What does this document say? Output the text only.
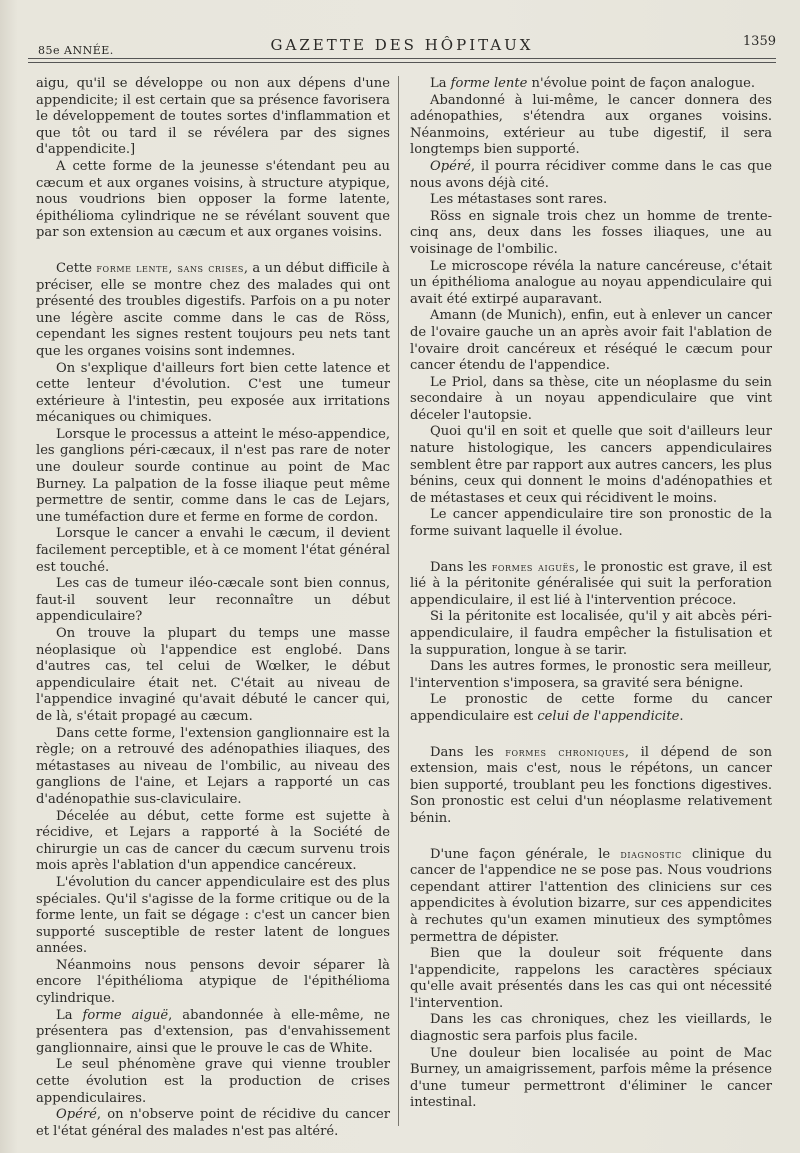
85e ANNÉE.	GAZETTE DES HÔPITAUX	1359

aigu, qu'il se développe ou non aux dépens d'une appendicite; il est certain que sa présence favorisera le développement de toutes sortes d'inflammation et que tôt ou tard il se révélera par des signes d'appendicite.]

A cette forme de la jeunesse s'étendant peu au cæcum et aux organes voisins, à structure atypique, nous voudrions bien opposer la forme latente, épithélioma cylindrique ne se révélant souvent que par son extension au cæcum et aux organes voisins.

Cette forme lente, sans crises, a un début difficile à préciser, elle se montre chez des malades qui ont présenté des troubles digestifs. Parfois on a pu noter une légère ascite comme dans le cas de Röss, cependant les signes restent toujours peu nets tant que les organes voisins sont indemnes.

On s'explique d'ailleurs fort bien cette latence et cette lenteur d'évolution. C'est une tumeur extérieure à l'intestin, peu exposée aux irritations mécaniques ou chimiques.

Lorsque le processus a atteint le méso-appendice, les ganglions péri-cæcaux, il n'est pas rare de noter une douleur sourde continue au point de Mac Burney. La palpation de la fosse iliaque peut même permettre de sentir, comme dans le cas de Lejars, une tuméfaction dure et ferme en forme de cordon.

Lorsque le cancer a envahi le cæcum, il devient facilement perceptible, et à ce moment l'état général est touché.

Les cas de tumeur iléo-cæcale sont bien connus, faut-il souvent leur reconnaître un début appendiculaire?

On trouve la plupart du temps une masse néoplasique où l'appendice est englobé. Dans d'autres cas, tel celui de Wœlker, le début appendiculaire était net. C'était au niveau de l'appendice invaginé qu'avait débuté le cancer qui, de là, s'était propagé au cæcum.

Dans cette forme, l'extension ganglionnaire est la règle; on a retrouvé des adénopathies iliaques, des métastases au niveau de l'ombilic, au niveau des ganglions de l'aine, et Lejars a rapporté un cas d'adénopathie sus-claviculaire.

Décelée au début, cette forme est sujette à récidive, et Lejars a rapporté à la Société de chirurgie un cas de cancer du cæcum survenu trois mois après l'ablation d'un appendice cancéreux.

L'évolution du cancer appendiculaire est des plus spéciales. Qu'il s'agisse de la forme critique ou de la forme lente, un fait se dégage : c'est un cancer bien supporté susceptible de rester latent de longues années.

Néanmoins nous pensons devoir séparer là encore l'épithélioma atypique de l'épithélioma cylindrique.

La forme aiguë, abandonnée à elle-même, ne présentera pas d'extension, pas d'envahissement ganglionnaire, ainsi que le prouve le cas de White.

Le seul phénomène grave qui vienne troubler cette évolution est la production de crises appendiculaires.

Opéré, on n'observe point de récidive du cancer et l'état général des malades n'est pas altéré.

La forme lente n'évolue point de façon analogue.

Abandonné à lui-même, le cancer donnera des adénopathies, s'étendra aux organes voisins. Néanmoins, extérieur au tube digestif, il sera longtemps bien supporté.

Opéré, il pourra récidiver comme dans le cas que nous avons déjà cité.

Les métastases sont rares.

Röss en signale trois chez un homme de trente-cinq ans, deux dans les fosses iliaques, une au voisinage de l'ombilic.

Le microscope révéla la nature cancéreuse, c'était un épithélioma analogue au noyau appendiculaire qui avait été extirpé auparavant.

Amann (de Munich), enfin, eut à enlever un cancer de l'ovaire gauche un an après avoir fait l'ablation de l'ovaire droit cancéreux et réséqué le cæcum pour cancer étendu de l'appendice.

Le Priol, dans sa thèse, cite un néoplasme du sein secondaire à un noyau appendiculaire que vint déceler l'autopsie.

Quoi qu'il en soit et quelle que soit d'ailleurs leur nature histologique, les cancers appendiculaires semblent être par rapport aux autres cancers, les plus bénins, ceux qui donnent le moins d'adénopathies et de métastases et ceux qui récidivent le moins.

Le cancer appendiculaire tire son pronostic de la forme suivant laquelle il évolue.

Dans les formes aiguës, le pronostic est grave, il est lié à la péritonite généralisée qui suit la perforation appendiculaire, il est lié à l'intervention précoce.

Si la péritonite est localisée, qu'il y ait abcès péri-appendiculaire, il faudra empêcher la fistulisation et la suppuration, longue à se tarir.

Dans les autres formes, le pronostic sera meilleur, l'intervention s'imposera, sa gravité sera bénigne.

Le pronostic de cette forme du cancer appendiculaire est celui de l'appendicite.

Dans les formes chroniques, il dépend de son extension, mais c'est, nous le répétons, un cancer bien supporté, troublant peu les fonctions digestives. Son pronostic est celui d'un néoplasme relativement bénin.

D'une façon générale, le diagnostic clinique du cancer de l'appendice ne se pose pas. Nous voudrions cependant attirer l'attention des cliniciens sur ces appendicites à évolution bizarre, sur ces appendicites à rechutes qu'un examen minutieux des symptômes permettra de dépister.

Bien que la douleur soit fréquente dans l'appendicite, rappelons les caractères spéciaux qu'elle avait présentés dans les cas qui ont nécessité l'intervention.

Dans les cas chroniques, chez les vieillards, le diagnostic sera parfois plus facile.

Une douleur bien localisée au point de Mac Burney, un amaigrissement, parfois même la présence d'une tumeur permettront d'éliminer le cancer intestinal.
